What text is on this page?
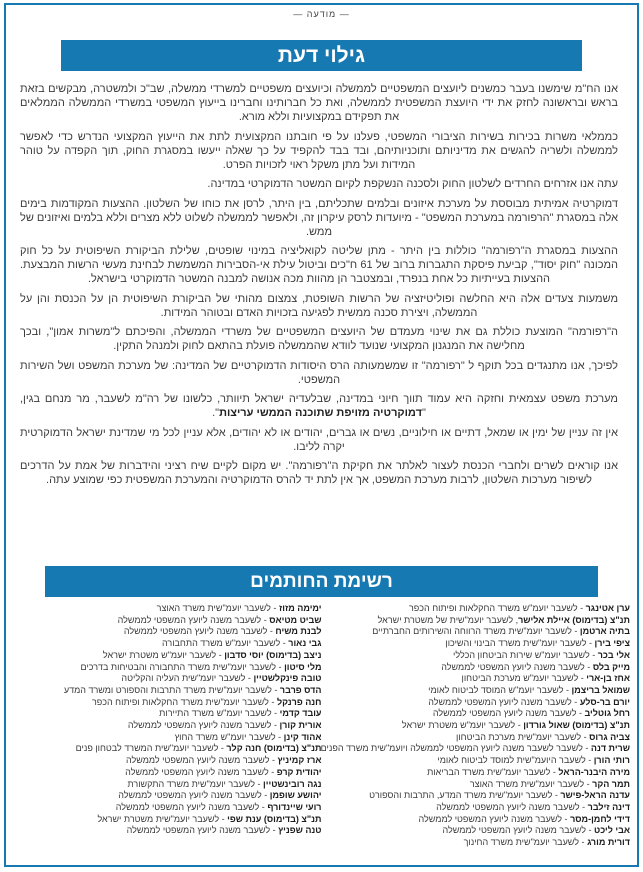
— מודעה —
גילוי דעת

אנו הח"מ שימשנו בעבר כמשנים ליועצים המשפטיים לממשלה וכיועצים משפטיים למשרדי ממשלה, שב"כ ולמשטרה, מבקשים בזאת בראש ובראשונה לחזק את ידי היועצת המשפטית לממשלה, ואת כל חברותינו וחברינו בייעוץ המשפטי במשרדי הממשלה הממלאים את תפקידם במקצועיות וללא מורא.

כממלאי משרות בכירות בשירות הציבורי המשפטי, פעלנו על פי חובתנו המקצועית לתת את הייעוץ המקצועי הנדרש כדי לאפשר לממשלה ולשריה להגשים את מדיניותם ותוכניותיהם, ובד בבד להקפיד על כך שאלה ייעשו במסגרת החוק, תוך הקפדה על טוהר המידות ועל מתן משקל ראוי לזכויות הפרט.

עתה אנו אזרחים החרדים לשלטון החוק ולסכנה הנשקפת לקיום המשטר הדמוקרטי במדינה.

דמוקרטיה אמיתית מבוססת על מערכת איזונים ובלמים שתכליתם, בין היתר, לרסן את כוחו של השלטון. ההצעות המקודמות בימים אלה במסגרת "הרפורמה במערכת המשפט" - מיועדות לרסק עיקרון זה, ולאפשר לממשלה לשלוט ללא מצרים וללא בלמים ואיזונים של ממש.

ההצעות במסגרת ה"רפורמה" כוללות בין היתר - מתן שליטה לקואליציה במינוי שופטים, שלילת הביקורת השיפוטית על כל חוק המכונה "חוק יסוד", קביעת פיסקת התגברות ברוב של 61 ח"כים וביטול עילת אי-הסבירות המשמשת לבחינת מעשי הרשות המבצעת. ההצעות בעייתיות כל אחת בנפרד, ובמצטבר הן מהוות מכה אנושה למבנה המשטר הדמוקרטי בישראל.

משמעות צעדים אלה היא החלשה ופוליטיזציה של הרשות השופטת, צמצום מהותי של הביקורת השיפוטית הן על הכנסת והן על הממשלה, ויצירת סכנה ממשית לפגיעה בזכויות האדם ובטוהר המידות.

ה"רפורמה" המוצעת כוללת גם את שינוי מעמדם של היועצים המשפטיים של משרדי הממשלה, והפיכתם ל"משרות אמון", ובכך מחלישה את המנגנון המקצועי שנועד לוודא שהממשלה פועלת בהתאם לחוק ולמנהל התקין.

לפיכך, אנו מתנגדים בכל תוקף ל "רפורמה" זו שמשמעותה הרס היסודות הדמוקרטיים של המדינה: של מערכת המשפט ושל השירות המשפטי.

מערכת משפט עצמאית וחזקה היא עמוד תווך חיוני במדינה, שבלעדיה ישראל תיוותר, כלשונו של רה"מ לשעבר, מר מנחם בגין, "דמוקרטיה מזויפת שתוכנה הממשי עריצות".

אין זה עניין של ימין או שמאל, דתיים או חילוניים, נשים או גברים, יהודים או לא יהודים, אלא עניין לכל מי שמדינת ישראל הדמוקרטית יקרה לליבו.

אנו קוראים לשרים ולחברי הכנסת לעצור לאלתר את חקיקת ה"רפורמה". יש מקום לקיים שיח רציני והידברות של אמת על הדרכים לשיפור מערכות השלטון, לרבות מערכת המשפט, אך אין לתת יד להרס הדמוקרטיה והמערכת המשפטית כפי שמוצע עתה.

רשימת החותמים
ערן אטינגר - לשעבר יועמ"ש משרד החקלאות ופיתוח הכפר
תנ"צ (בדימוס) איילת אלישר, לשעבר יועמ"שית של משטרת ישראל
בתיה ארטמן - לשעבר יועמ"שית משרד הרווחה והשירותים החברתיים
ציפי בירן - לשעבר יועמ"שית משרד הבינוי והשיכון
אלי בכר - לשעבר יועמ"ש שירות הביטחון הכללי
מייק בלס - לשעבר משנה ליועץ המשפטי לממשלה
אחז בן-ארי - לשעבר יועמ"ש מערכת הביטחון
שמואל בריצמן - לשעבר יועמ"ש המוסד לביטוח לאומי
יורם בר-סלע - לשעבר משנה ליועץ המשפטי לממשלה
רחל גוטליב - לשעבר משנה ליועץ המשפטי לממשלה
תנ"צ (בדימוס) שאול גורדון - לשעבר יועמ"ש משטרת ישראל
צביה גרוס - לשעבר יועמ"שית מערכת הביטחון
שרית דנה - לשעבר לשעבר משנה ליועץ המשפטי לממשלה ויועמ"שית משרד הפנים
רותי הורן - לשעבר היועמ"שית למוסד לביטוח לאומי
מירה היבנר-הראל - לשעבר יועמ"שית משרד הבריאות
תמר הקר - לשעבר יועמ"שית משרד האוצר
עדנה הראל-פישר - לשעבר יועמ"שית משרד המדע, התרבות והספורט
דינה זילבר - לשעבר משנה ליועץ המשפטי לממשלה
דידי לחמן-מסר - לשעבר משנה ליועץ המשפטי לממשלה
אבי ליכט - לשעבר משנה ליועץ המשפטי לממשלה
דורית מורג - לשעבר יועמ"שית משרד החינוך
ימימה מזוז - לשעבר יועמ"שית משרד האוצר
שביט מטיאס - לשעבר משנה ליועץ המשפטי לממשלה
לבנת משיח - לשעבר משנה ליועץ המשפטי לממשלה
גבי נאור - לשעבר יועמ"ש משרד התחבורה
ניצב (בדימוס) יוסי סדבון - לשעבר יועמ"ש משטרת ישראל
מלי סיטון - לשעבר יועמ"שית משרד התחבורה והבטיחות בדרכים
טובה פינקלשטיין - לשעבר יועמ"שית העליה והקליטה
הדס פרבר - לשעבר יועמ"שית משרד התרבות והספורט ומשרד המדע
חנה פרנקל - לשעבר יועמ"שית משרד החקלאות ופיתוח הכפר
עובד קדמי - לשעבר יועמ"ש משרד התיירות
אורית קורן - לשעבר משנה ליועץ המשפטי לממשלה
אהוד קינן - לשעבר יועמ"ש משרד החוץ
תנ"צ (בדימוס) חנה קלר - לשעבר יועמ"שית המשרד לבטחון פנים
ארז קמיניץ - לשעבר משנה ליועץ המשפטי לממשלה
יהודית קרפ - לשעבר משנה ליועץ המשפטי לממשלה
נגה רובינשטיין - לשעבר יועמ"שית משרד התקשורת
יהושע שופמן - לשעבר משנה ליועץ המשפטי לממשלה
רועי שיינדורף - לשעבר משנה ליועץ המשפטי לממשלה
תנ"צ (בדימוס) ענת שפי - לשעבר יועמ"שית משטרת ישראל
טנה שפניץ - לשעבר משנה ליועץ המשפטי לממשלה
